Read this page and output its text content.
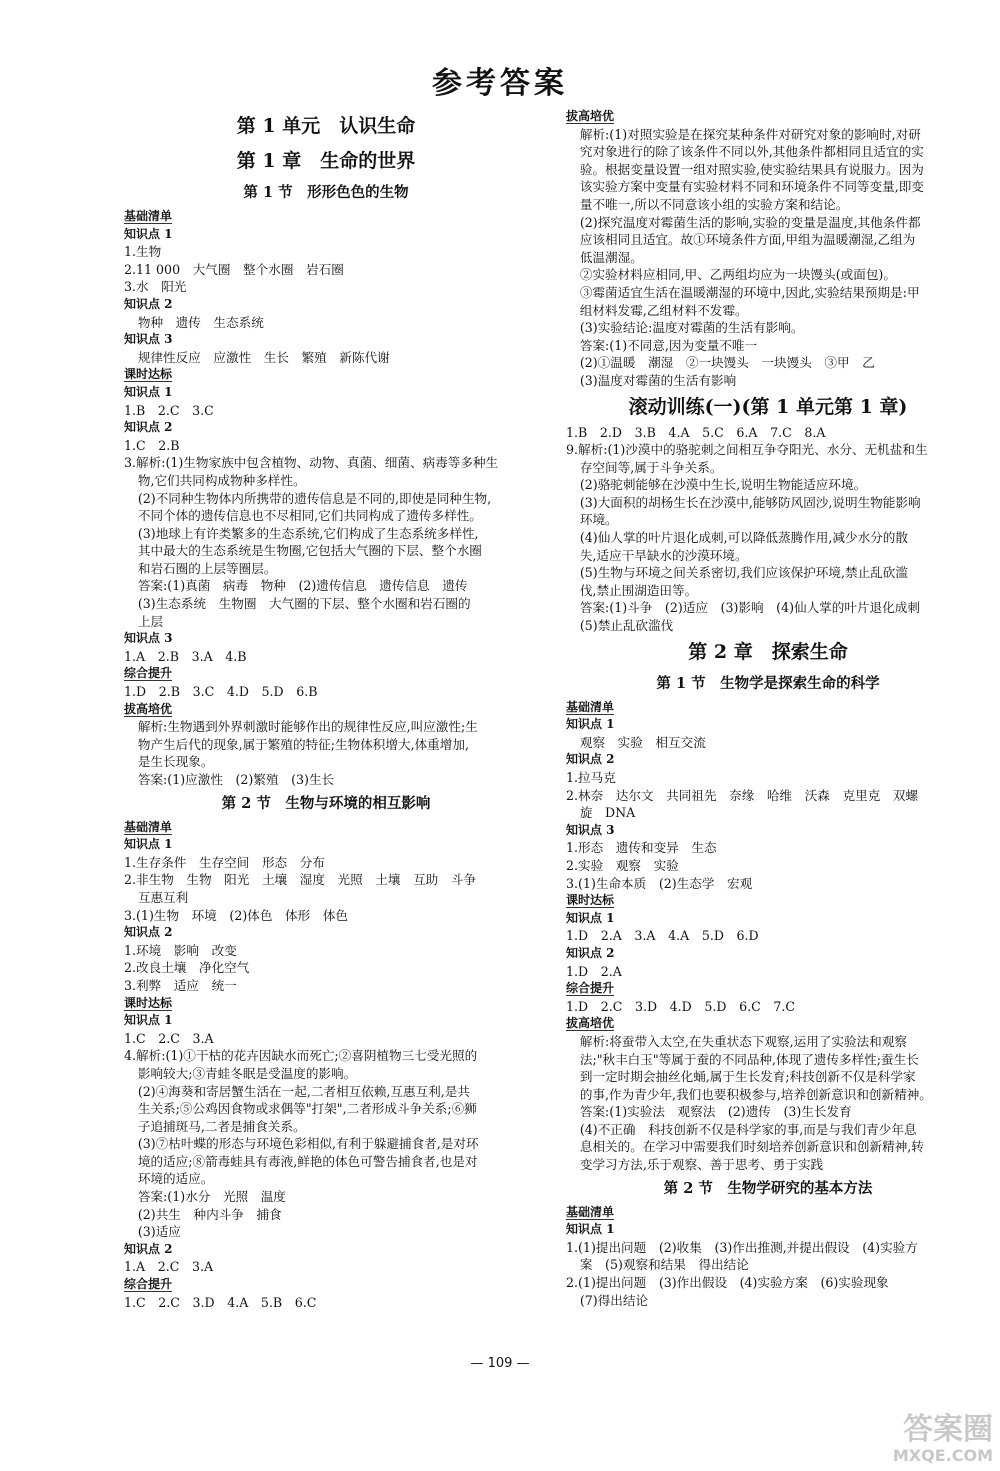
参考答案

第 1 单元　认识生命

第 1 章　生命的世界

第 1 节　形形色色的生物

基础清单

知识点 1

1.生物

2.11 000　大气圈　整个水圈　岩石圈

3.水　阳光

知识点 2

物种　遗传　生态系统

知识点 3

规律性反应　应激性　生长　繁殖　新陈代谢

课时达标

知识点 1

1.B　2.C　3.C

知识点 2

1.C　2.B

3.解析:(1)生物家族中包含植物、动物、真菌、细菌、病毒等多种生

物,它们共同构成物种多样性。

(2)不同种生物体内所携带的遗传信息是不同的,即使是同种生物,

不同个体的遗传信息也不尽相同,它们共同构成了遗传多样性。

(3)地球上有许类繁多的生态系统,它们构成了生态系统多样性,

其中最大的生态系统是生物圈,它包括大气圈的下层、整个水圈

和岩石圈的上层等圈层。

答案:(1)真菌　病毒　物种　(2)遗传信息　遗传信息　遗传

(3)生态系统　生物圈　大气圈的下层、整个水圈和岩石圈的

上层

知识点 3

1.A　2.B　3.A　4.B

综合提升

1.D　2.B　3.C　4.D　5.D　6.B

拔高培优

解析:生物遇到外界刺激时能够作出的规律性反应,叫应激性;生

物产生后代的现象,属于繁殖的特征;生物体积增大,体重增加,

是生长现象。

答案:(1)应激性　(2)繁殖　(3)生长

第 2 节　生物与环境的相互影响

基础清单

知识点 1

1.生存条件　生存空间　形态　分布

2.非生物　生物　阳光　土壤　湿度　光照　土壤　互助　斗争

互惠互利

3.(1)生物　环境　(2)体色　体形　体色

知识点 2

1.环境　影响　改变

2.改良土壤　净化空气

3.利弊　适应　统一

课时达标

知识点 1

1.C　2.C　3.A

4.解析:(1)①干枯的花卉因缺水而死亡;②喜阴植物三七受光照的

影响较大;③青蛙冬眠是受温度的影响。

(2)④海葵和寄居蟹生活在一起,二者相互依赖,互惠互利,是共

生关系;⑤公鸡因食物或求偶等"打架",二者形成斗争关系;⑥狮

子追捕斑马,二者是捕食关系。

(3)⑦枯叶蝶的形态与环境色彩相似,有利于躲避捕食者,是对环

境的适应;⑧箭毒蛙具有毒液,鲜艳的体色可警告捕食者,也是对

环境的适应。

答案:(1)水分　光照　温度

(2)共生　种内斗争　捕食

(3)适应

知识点 2

1.A　2.C　3.A

综合提升

1.C　2.C　3.D　4.A　5.B　6.C

拔高培优

解析:(1)对照实验是在探究某种条件对研究对象的影响时,对研

究对象进行的除了该条件不同以外,其他条件都相同且适宜的实

验。根据变量设置一组对照实验,使实验结果具有说服力。因为

该实验方案中变量有实验材料不同和环境条件不同等变量,即变

量不唯一,所以不同意该小组的实验方案和结论。

(2)探究温度对霉菌生活的影响,实验的变量是温度,其他条件都

应该相同且适宜。故①环境条件方面,甲组为温暖潮湿,乙组为

低温潮湿。

②实验材料应相同,甲、乙两组均应为一块馒头(或面包)。

③霉菌适宜生活在温暖潮湿的环境中,因此,实验结果预期是:甲

组材料发霉,乙组材料不发霉。

(3)实验结论:温度对霉菌的生活有影响。

答案:(1)不同意,因为变量不唯一

(2)①温暖　潮湿　②一块馒头　一块馒头　③甲　乙

(3)温度对霉菌的生活有影响

滚动训练(一)(第 1 单元第 1 章)

1.B　2.D　3.B　4.A　5.C　6.A　7.C　8.A

9.解析:(1)沙漠中的骆驼刺之间相互争夺阳光、水分、无机盐和生

存空间等,属于斗争关系。

(2)骆驼刺能够在沙漠中生长,说明生物能适应环境。

(3)大面积的胡杨生长在沙漠中,能够防风固沙,说明生物能影响

环境。

(4)仙人掌的叶片退化成刺,可以降低蒸腾作用,减少水分的散

失,适应干旱缺水的沙漠环境。

(5)生物与环境之间关系密切,我们应该保护环境,禁止乱砍滥

伐,禁止围湖造田等。

答案:(1)斗争　(2)适应　(3)影响　(4)仙人掌的叶片退化成刺

(5)禁止乱砍滥伐

第 2 章　探索生命

第 1 节　生物学是探索生命的科学

基础清单

知识点 1

观察　实验　相互交流

知识点 2

1.拉马克

2.林奈　达尔文　共同祖先　奈缘　哈维　沃森　克里克　双螺

旋　DNA

知识点 3

1.形态　遗传和变异　生态

2.实验　观察　实验

3.(1)生命本质　(2)生态学　宏观

课时达标

知识点 1

1.D　2.A　3.A　4.A　5.D　6.D

知识点 2

1.D　2.A

综合提升

1.D　2.C　3.D　4.D　5.D　6.C　7.C

拔高培优

解析:将蚕带入太空,在失重状态下观察,运用了实验法和观察

法;"秋丰白玉"等属于蚕的不同品种,体现了遗传多样性;蚕生长

到一定时期会抽丝化蛹,属于生长发育;科技创新不仅是科学家

的事,作为青少年,我们也要积极参与,培养创新意识和创新精神。

答案:(1)实验法　观察法　(2)遗传　(3)生长发育

(4)不正确　科技创新不仅是科学家的事,而是与我们青少年息

息相关的。在学习中需要我们时刻培养创新意识和创新精神,转

变学习方法,乐于观察、善于思考、勇于实践

第 2 节　生物学研究的基本方法

基础清单

知识点 1

1.(1)提出问题　(2)收集　(3)作出推测,并提出假设　(4)实验方

案　(5)观察和结果　得出结论

2.(1)提出问题　(3)作出假设　(4)实验方案　(6)实验现象

(7)得出结论

— 109 —
答案圈
MXQE.COM
